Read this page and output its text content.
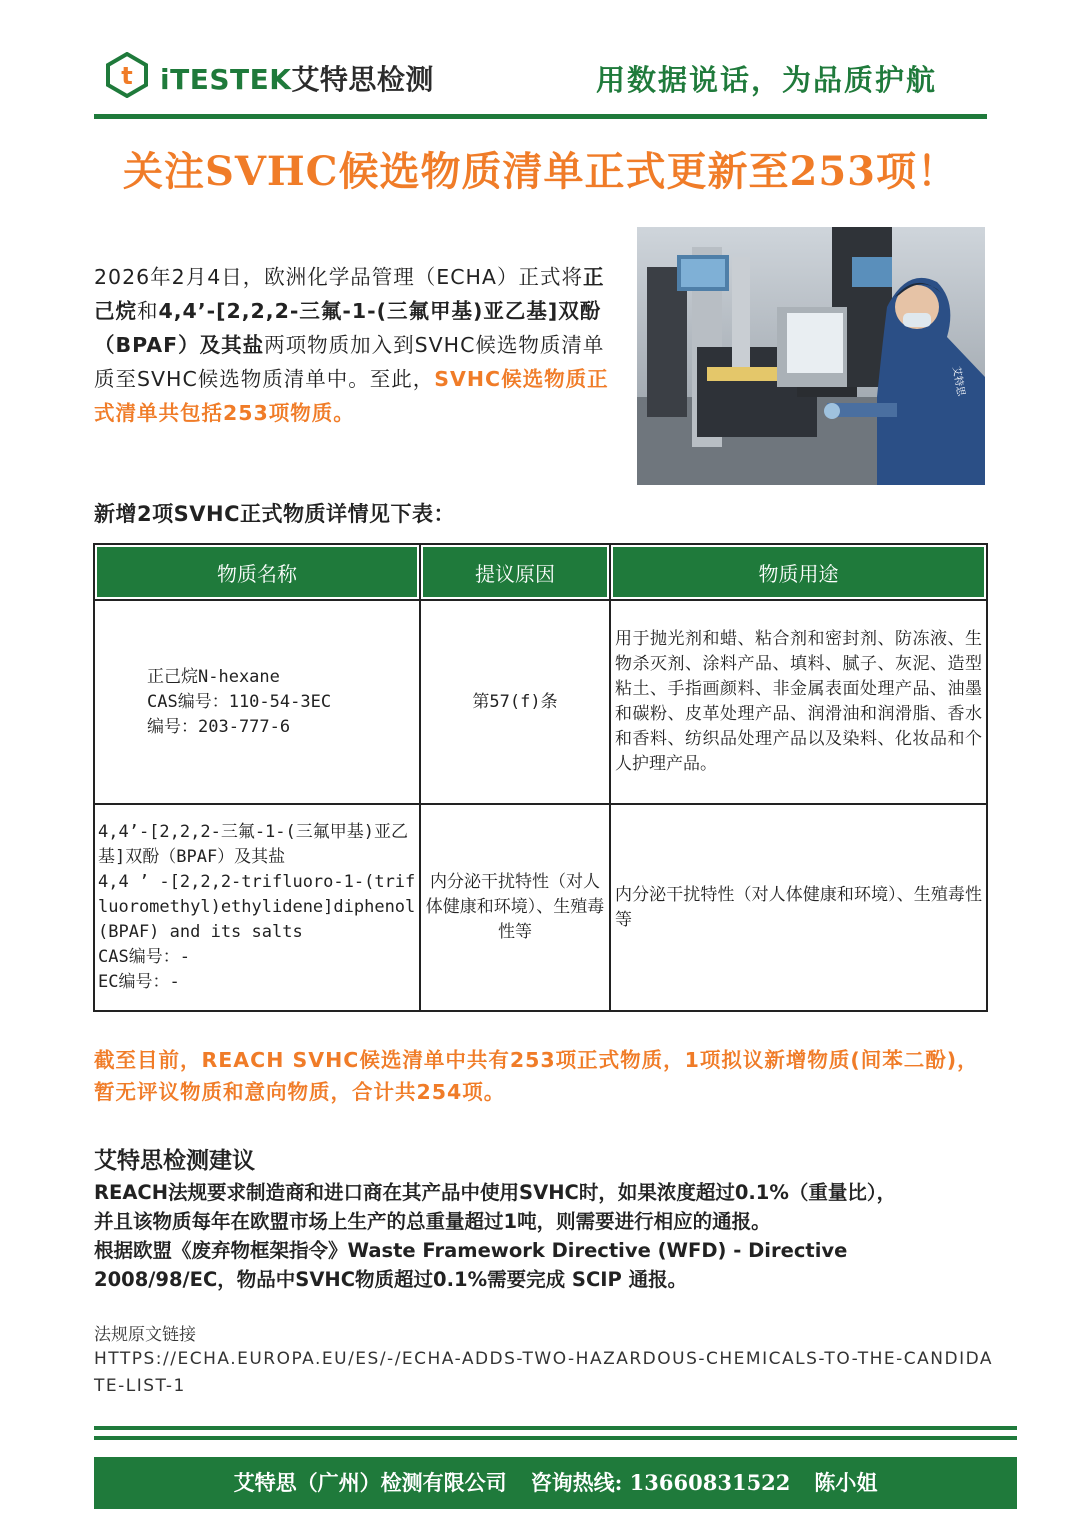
t iTESTEK艾特思检测	用数据说话，为品质护航
关注SVHC候选物质清单正式更新至253项！
2026年2月4日，欧洲化学品管理（ECHA）正式将正己烷和4,4’-[2,2,2-三氟-1-(三氟甲基)亚乙基]双酚（BPAF）及其盐两项物质加入到SVHC候选物质清单质至SVHC候选物质清单中。至此，SVHC候选物质正式清单共包括253项物质。
艾特思
新增2项SVHC正式物质详情见下表：
物质名称	提议原因	物质用途

正己烷N-hexane
CAS编号：110-54-3EC
编号：203-777-6	第57(f)条	用于抛光剂和蜡、粘合剂和密封剂、防冻液、生物杀灭剂、涂料产品、填料、腻子、灰泥、造型粘土、手指画颜料、非金属表面处理产品、油墨和碳粉、皮革处理产品、润滑油和润滑脂、香水和香料、纺织品处理产品以及染料、化妆品和个人护理产品。

4,4’-[2,2,2-三氟-1-(三氟甲基)亚乙基]双酚（BPAF）及其盐
4,4 ’ -[2,2,2-trifluoro-1-(trifluoromethyl)ethylidene]diphenol(BPAF) and its salts
CAS编号：-
EC编号：-	内分泌干扰特性（对人体健康和环境）、生殖毒性等	内分泌干扰特性（对人体健康和环境）、生殖毒性等
截至目前，REACH SVHC候选清单中共有253项正式物质，1项拟议新增物质(间苯二酚)，暂无评议物质和意向物质，合计共254项。
艾特思检测建议

REACH法规要求制造商和进口商在其产品中使用SVHC时，如果浓度超过0.1%（重量比），

并且该物质每年在欧盟市场上生产的总重量超过1吨，则需要进行相应的通报。

根据欧盟《废弃物框架指令》Waste Framework Directive (WFD) - Directive

2008/98/EC，物品中SVHC物质超过0.1%需要完成 SCIP 通报。

法规原文链接
HTTPS://ECHA.EUROPA.EU/ES/-/ECHA-ADDS-TWO-HAZARDOUS-CHEMICALS-TO-THE-CANDIDATE-LIST-1
艾特思（广州）检测有限公司 咨询热线: 13660831522 陈小姐
